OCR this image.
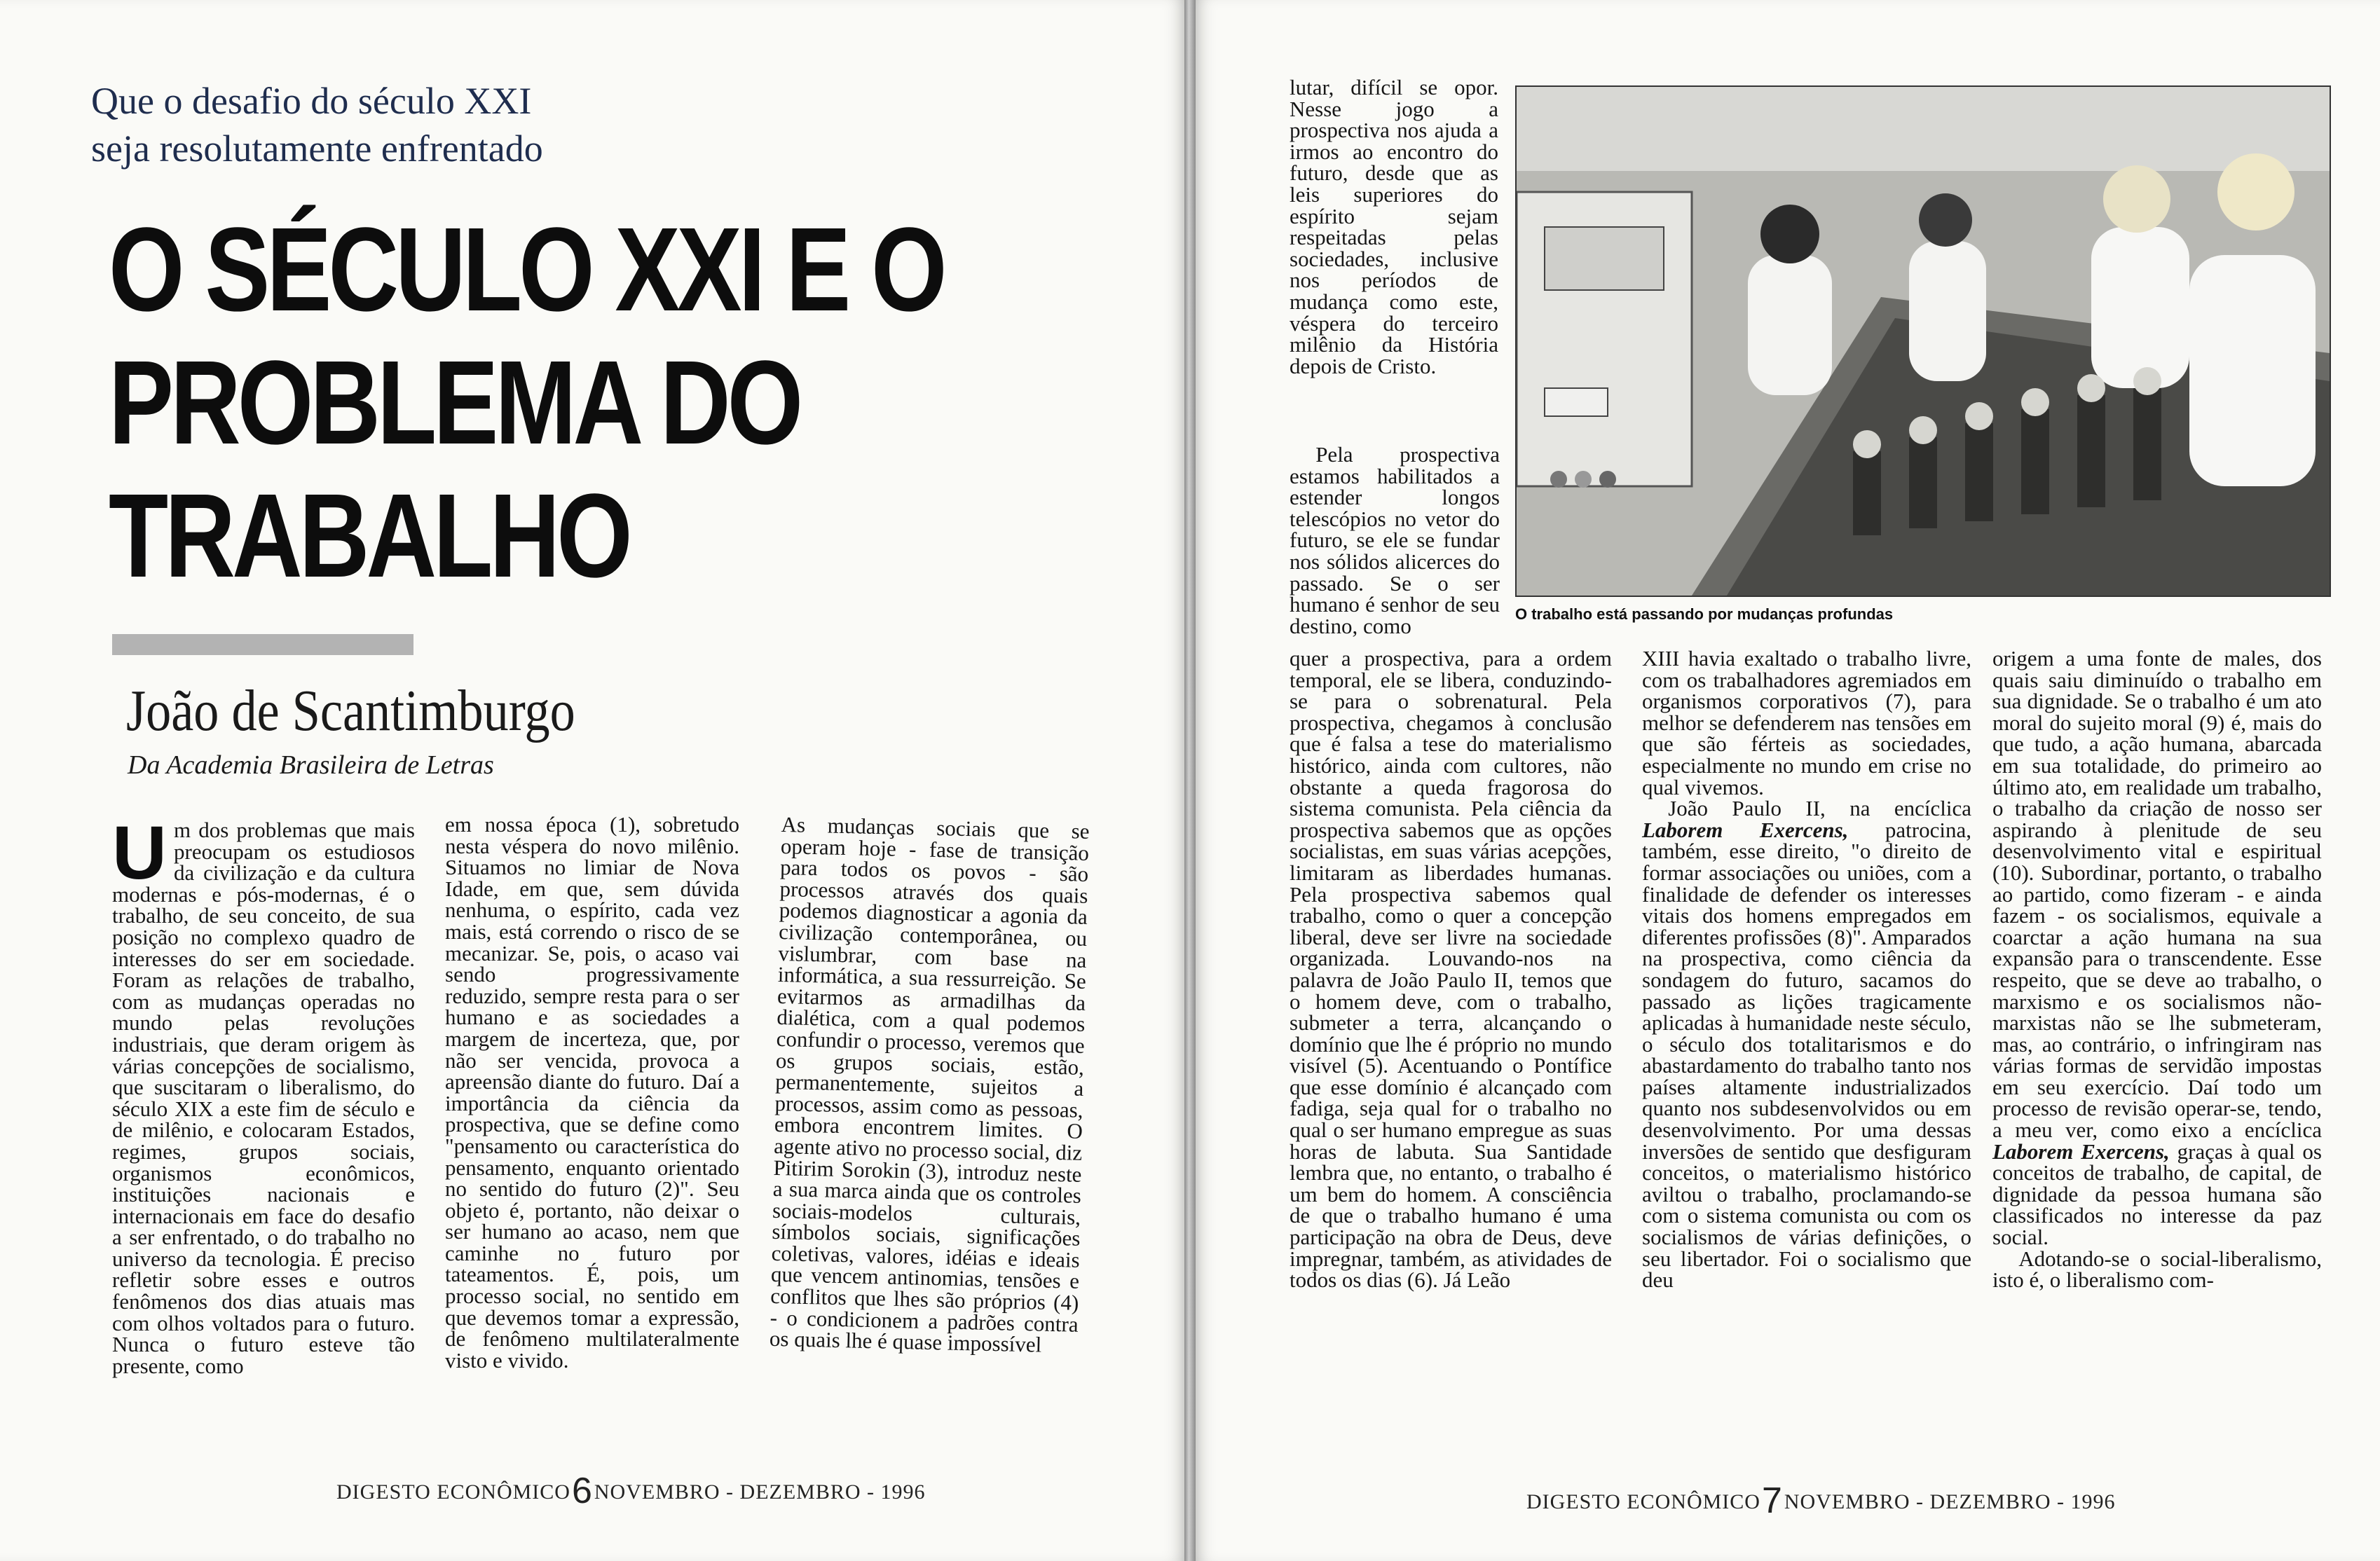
Que o desafio do século XXI
seja resolutamente enfrentado
O SÉCULO XXI E O
PROBLEMA DO
TRABALHO
João de Scantimburgo
Da Academia Brasileira de Letras

Um dos problemas que mais preocupam os estudiosos da civilização e da cultura modernas e pós-modernas, é o trabalho, de seu conceito, de sua posição no complexo quadro de interesses do ser em sociedade. Foram as relações de trabalho, com as mudanças operadas no mundo pelas revoluções industriais, que deram origem às várias concepções de socialismo, que suscitaram o liberalismo, do século XIX a este fim de século e de milênio, e colocaram Estados, regimes, grupos sociais, organismos econômicos, instituições nacionais e internacionais em face do desafio a ser enfrentado, o do trabalho no universo da tecnologia. É preciso refletir sobre esses e outros fenômenos dos dias atuais mas com olhos voltados para o futuro. Nunca o futuro esteve tão presente, como

em nossa época (1), sobretudo nesta véspera do novo milênio. Situamos no limiar de Nova Idade, em que, sem dúvida nenhuma, o espírito, cada vez mais, está correndo o risco de se mecanizar. Se, pois, o acaso vai sendo progressivamente reduzido, sempre resta para o ser humano e as sociedades a margem de incerteza, que, por não ser vencida, provoca a apreensão diante do futuro. Daí a importância da ciência da prospectiva, que se define como "pensamento ou característica do pensamento, enquanto orientado no sentido do futuro (2)". Seu objeto é, portanto, não deixar o ser humano ao acaso, nem que caminhe no futuro por tateamentos. É, pois, um processo social, no sentido em que devemos tomar a expressão, de fenômeno multilateralmente visto e vivido.

As mudanças sociais que se operam hoje - fase de transição para todos os povos - são processos através dos quais podemos diagnosticar a agonia da civilização contemporânea, ou vislumbrar, com base na informática, a sua ressurreição. Se evitarmos as armadilhas da dialética, com a qual podemos confundir o processo, veremos que os grupos sociais, estão, permanentemente, sujeitos a processos, assim como as pessoas, embora encontrem limites. O agente ativo no processo social, diz Pitirim Sorokin (3), introduz neste a sua marca ainda que os controles sociais-modelos culturais, símbolos sociais, significações coletivas, valores, idéias e ideais que vencem antinomias, tensões e conflitos que lhes são próprios (4) - o condicionem a padrões contra os quais lhe é quase impossível

DIGESTO ECONÔMICO6NOVEMBRO - DEZEMBRO - 1996

lutar, difícil se opor. Nesse jogo a prospectiva nos ajuda a irmos ao encontro do futuro, desde que as leis superiores do espírito sejam respeitadas pelas sociedades, inclusive nos períodos de mudança como este, véspera do terceiro milênio da História depois de Cristo.

Pela prospectiva estamos habilitados a estender longos telescópios no vetor do futuro, se ele se fundar nos sólidos alicerces do passado. Se o ser humano é senhor de seu destino, como	O trabalho está passando por mudanças profundas

quer a prospectiva, para a ordem temporal, ele se libera, conduzindo-se para o sobrenatural. Pela prospectiva, chegamos à conclusão que é falsa a tese do materialismo histórico, ainda com cultores, não obstante a queda fragorosa do sistema comunista. Pela ciência da prospectiva sabemos que as opções socialistas, em suas várias acepções, limitaram as liberdades humanas. Pela prospectiva sabemos qual trabalho, como o quer a concepção liberal, deve ser livre na sociedade organizada. Louvando-nos na palavra de João Paulo II, temos que o homem deve, com o trabalho, submeter a terra, alcançando o domínio que lhe é próprio no mundo visível (5). Acentuando o Pontífice que esse domínio é alcançado com fadiga, seja qual for o trabalho no qual o ser humano empregue as suas horas de labuta. Sua Santidade lembra que, no entanto, o trabalho é um bem do homem. A consciência de que o trabalho humano é uma participação na obra de Deus, deve impregnar, também, as atividades de todos os dias (6). Já Leão

XIII havia exaltado o trabalho livre, com os trabalhadores agremiados em organismos corporativos (7), para melhor se defenderem nas tensões em que são férteis as sociedades, especialmente no mundo em crise no qual vivemos.

João Paulo II, na encíclica Laborem Exercens, patrocina, também, esse direito, "o direito de formar associações ou uniões, com a finalidade de defender os interesses vitais dos homens empregados em diferentes profissões (8)". Amparados na prospectiva, como ciência da sondagem do futuro, sacamos do passado as lições tragicamente aplicadas à humanidade neste século, o século dos totalitarismos e do abastardamento do trabalho tanto nos países altamente industrializados quanto nos subdesenvolvidos ou em desenvolvimento. Por uma dessas inversões de sentido que desfiguram conceitos, o materialismo histórico aviltou o trabalho, proclamando-se com o sistema comunista ou com os socialismos de várias definições, o seu libertador. Foi o socialismo que deu

origem a uma fonte de males, dos quais saiu diminuído o trabalho em sua dignidade. Se o trabalho é um ato moral do sujeito moral (9) é, mais do que tudo, a ação humana, abarcada em sua totalidade, do primeiro ao último ato, em realidade um trabalho, o trabalho da criação de nosso ser aspirando à plenitude de seu desenvolvimento vital e espiritual (10). Subordinar, portanto, o trabalho ao partido, como fizeram - e ainda fazem - os socialismos, equivale a coarctar a ação humana na sua expansão para o transcendente. Esse respeito, que se deve ao trabalho, o marxismo e os socialismos não-marxistas não se lhe submeteram, mas, ao contrário, o infringiram nas várias formas de servidão impostas em seu exercício. Daí todo um processo de revisão operar-se, tendo, a meu ver, como eixo a encíclica Laborem Exercens, graças à qual os conceitos de trabalho, de capital, de dignidade da pessoa humana são classificados no interesse da paz social.

Adotando-se o social-liberalismo, isto é, o liberalismo com-

DIGESTO ECONÔMICO7NOVEMBRO - DEZEMBRO - 1996
